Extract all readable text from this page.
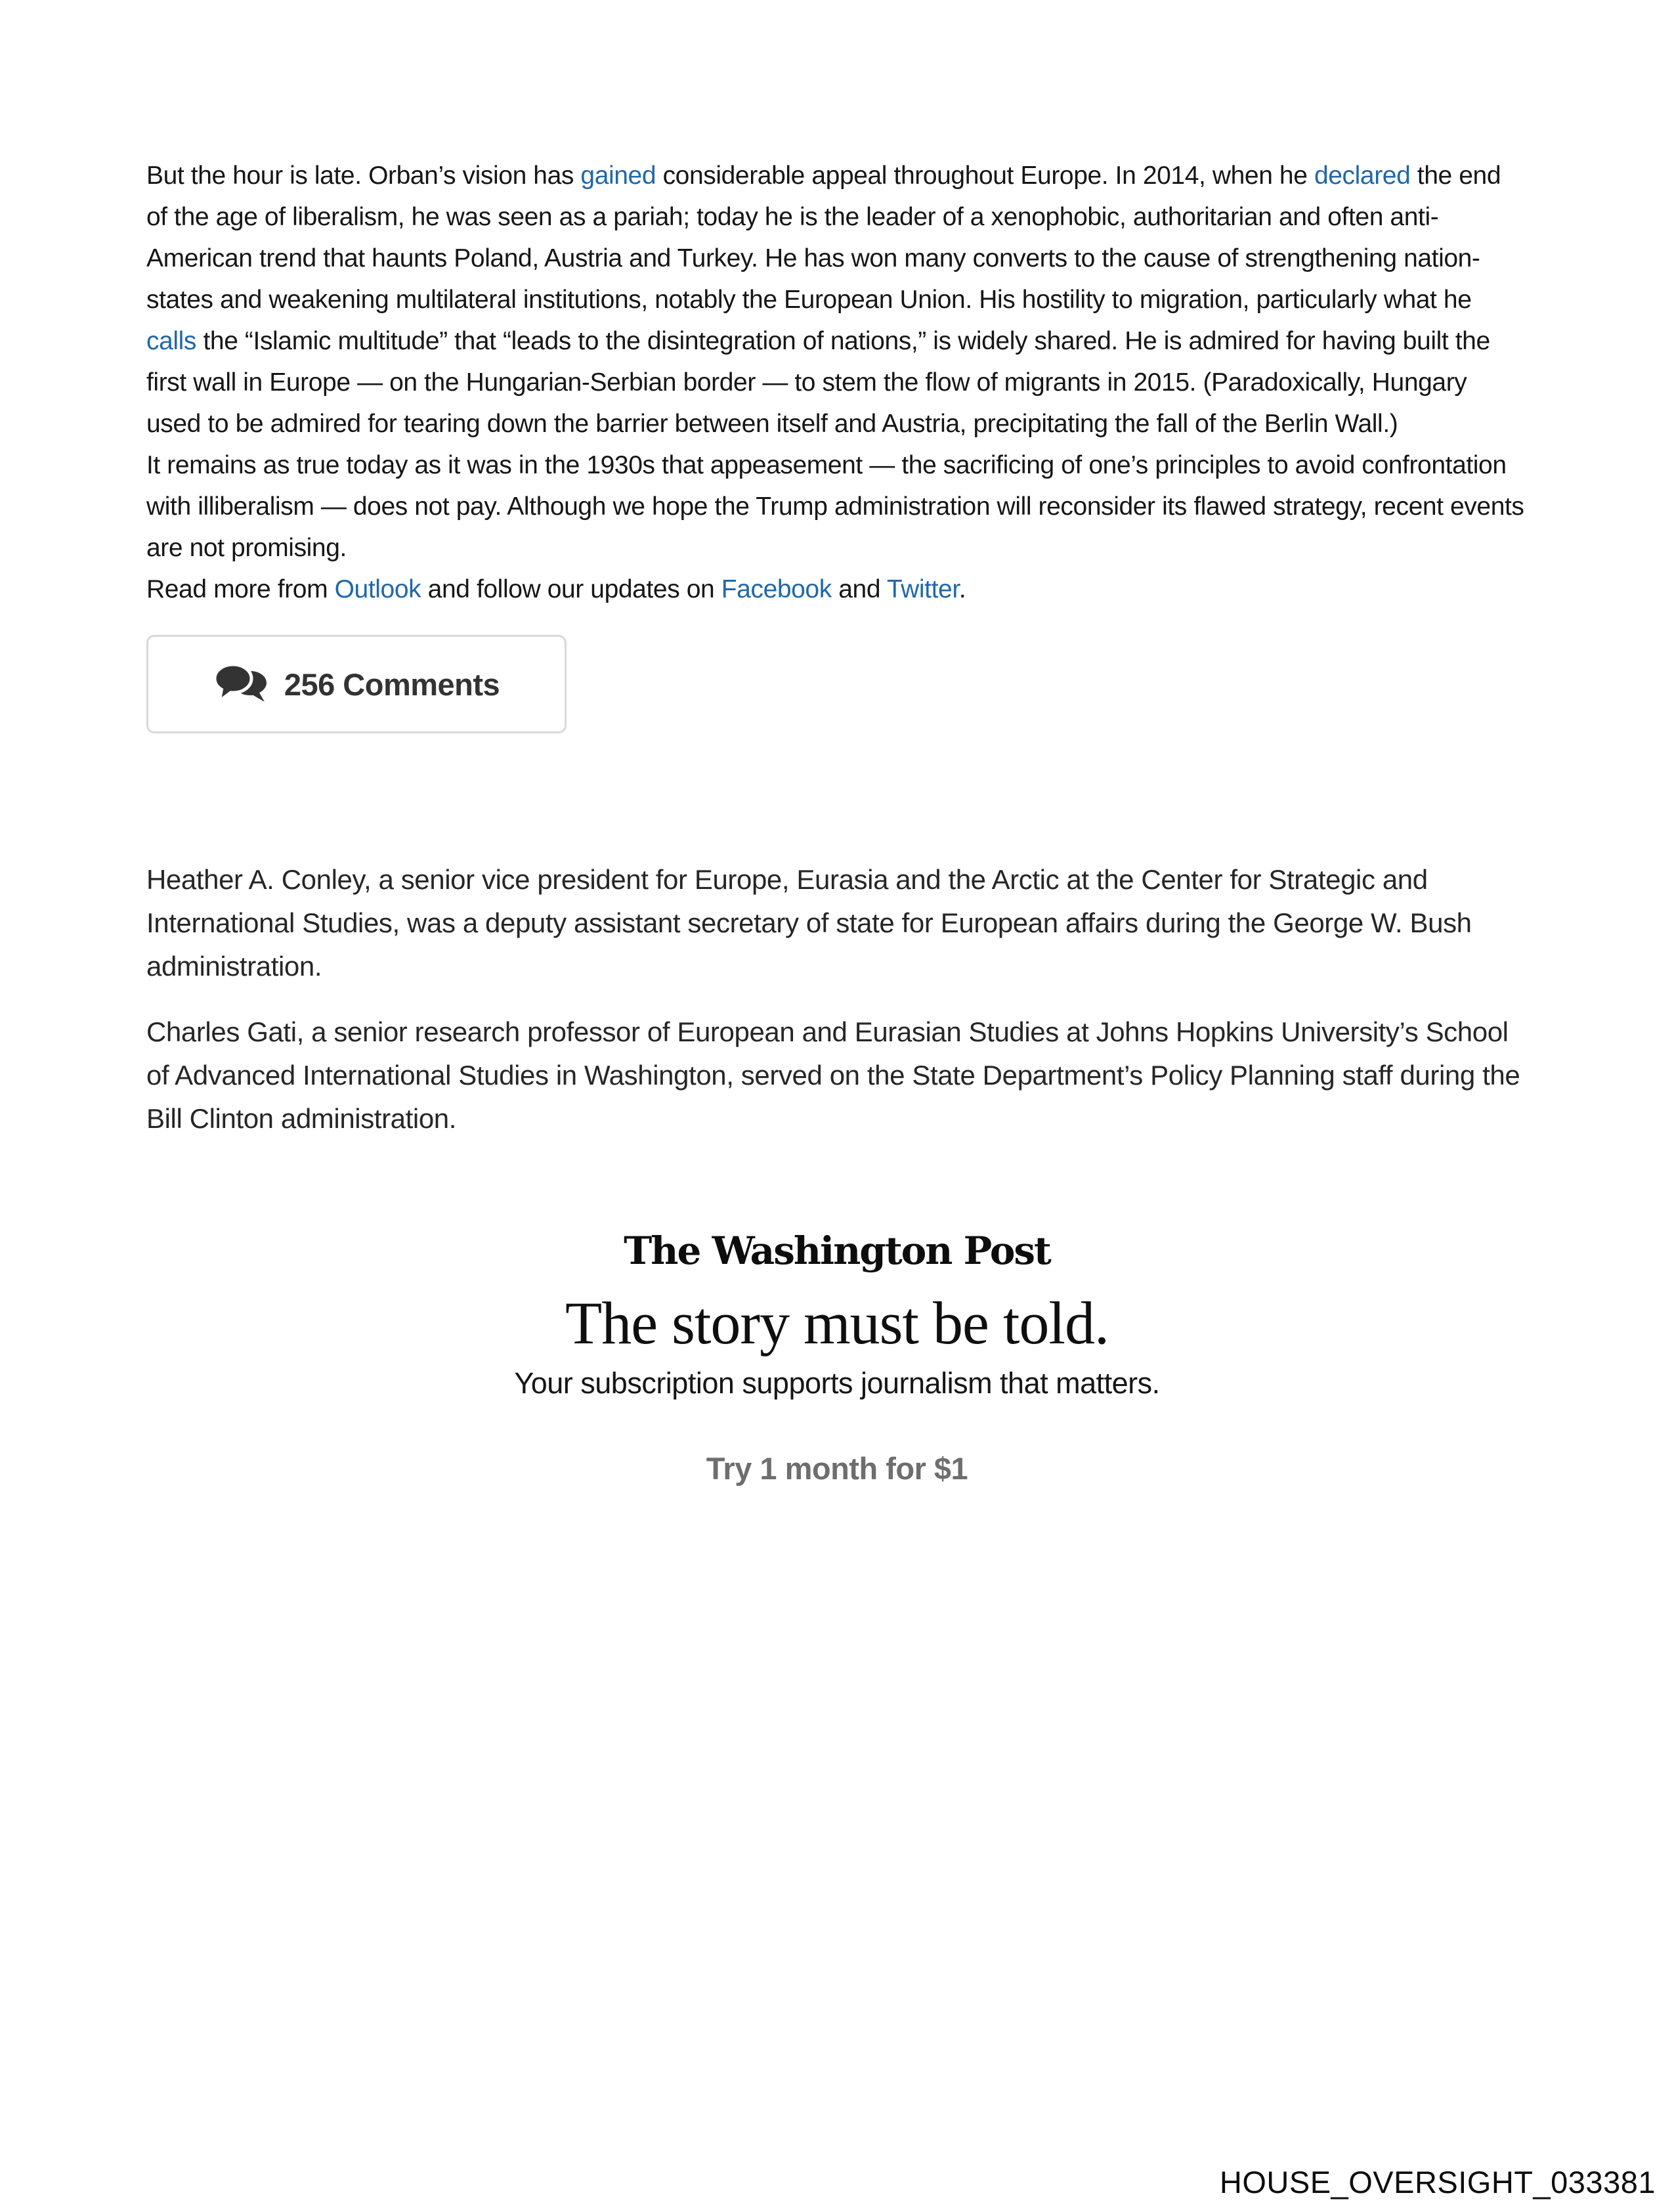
But the hour is late. Orban’s vision has gained considerable appeal throughout Europe. In 2014, when he declared the end of the age of liberalism, he was seen as a pariah; today he is the leader of a xenophobic, authoritarian and often anti-American trend that haunts Poland, Austria and Turkey. He has won many converts to the cause of strengthening nation-states and weakening multilateral institutions, notably the European Union. His hostility to migration, particularly what he calls the “Islamic multitude” that “leads to the disintegration of nations,” is widely shared. He is admired for having built the first wall in Europe — on the Hungarian-Serbian border — to stem the flow of migrants in 2015. (Paradoxically, Hungary used to be admired for tearing down the barrier between itself and Austria, precipitating the fall of the Berlin Wall.)

It remains as true today as it was in the 1930s that appeasement — the sacrificing of one’s principles to avoid confrontation with illiberalism — does not pay. Although we hope the Trump administration will reconsider its flawed strategy, recent events are not promising.

Read more from Outlook and follow our updates on Facebook and Twitter.

256 Comments

Heather A. Conley, a senior vice president for Europe, Eurasia and the Arctic at the Center for Strategic and International Studies, was a deputy assistant secretary of state for European affairs during the George W. Bush administration.

Charles Gati, a senior research professor of European and Eurasian Studies at Johns Hopkins University’s School of Advanced International Studies in Washington, served on the State Department’s Policy Planning staff during the Bill Clinton administration.

The Washington Post
The story must be told.
Your subscription supports journalism that matters.
Try 1 month for $1
HOUSE_OVERSIGHT_033381
